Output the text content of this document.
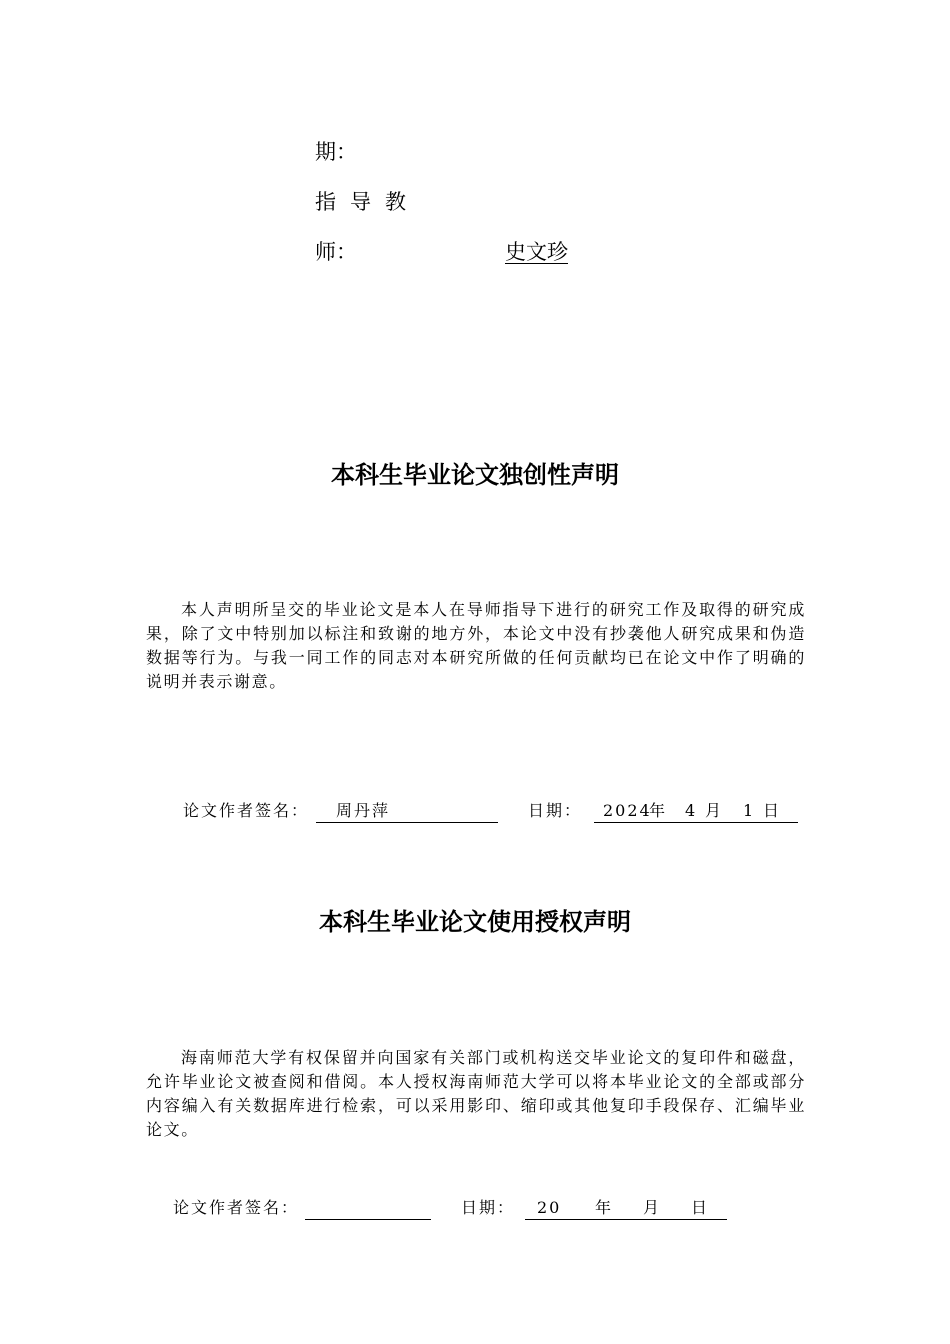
期：
指导教
师：	史文珍
本科生毕业论文独创性声明

本人声明所呈交的毕业论文是本人在导师指导下进行的研究工作及取得的研究成果，除了文中特别加以标注和致谢的地方外，本论文中没有抄袭他人研究成果和伪造数据等行为。与我一同工作的同志对本研究所做的任何贡献均已在论文中作了明确的说明并表示谢意。

论文作者签名： 周丹萍	日期： 2024
年 4 月 1 日
本科生毕业论文使用授权声明

海南师范大学有权保留并向国家有关部门或机构送交毕业论文的复印件和磁盘，允许毕业论文被查阅和借阅。本人授权海南师范大学可以将本毕业论文的全部或部分内容编入有关数据库进行检索，可以采用影印、缩印或其他复印手段保存、汇编毕业论文。

论文作者签名：	日期： 20 年 月 日
